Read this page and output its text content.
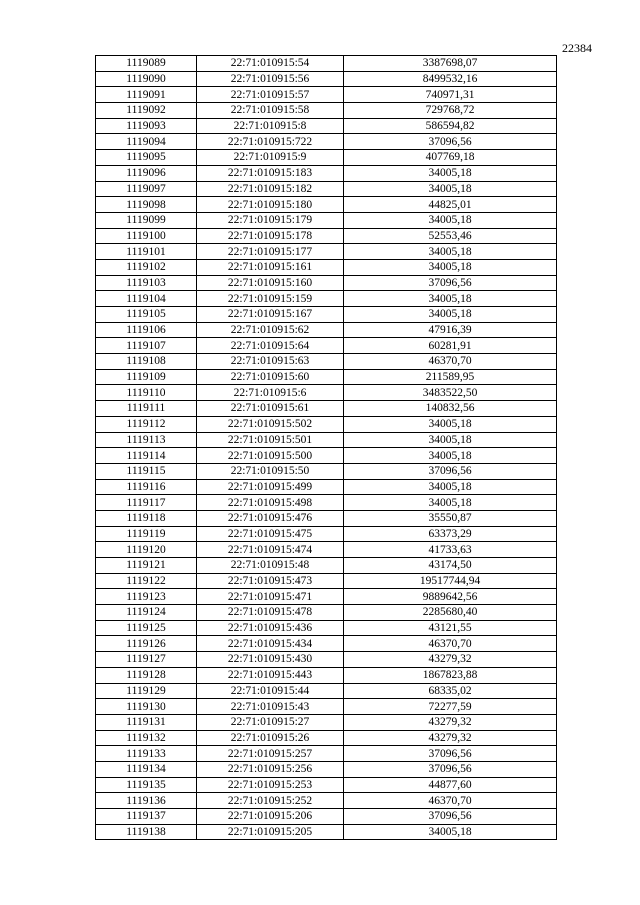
22384
1119089	22:71:010915:54	3387698,07
1119090	22:71:010915:56	8499532,16
1119091	22:71:010915:57	740971,31
1119092	22:71:010915:58	729768,72
1119093	22:71:010915:8	586594,82
1119094	22:71:010915:722	37096,56
1119095	22:71:010915:9	407769,18
1119096	22:71:010915:183	34005,18
1119097	22:71:010915:182	34005,18
1119098	22:71:010915:180	44825,01
1119099	22:71:010915:179	34005,18
1119100	22:71:010915:178	52553,46
1119101	22:71:010915:177	34005,18
1119102	22:71:010915:161	34005,18
1119103	22:71:010915:160	37096,56
1119104	22:71:010915:159	34005,18
1119105	22:71:010915:167	34005,18
1119106	22:71:010915:62	47916,39
1119107	22:71:010915:64	60281,91
1119108	22:71:010915:63	46370,70
1119109	22:71:010915:60	211589,95
1119110	22:71:010915:6	3483522,50
1119111	22:71:010915:61	140832,56
1119112	22:71:010915:502	34005,18
1119113	22:71:010915:501	34005,18
1119114	22:71:010915:500	34005,18
1119115	22:71:010915:50	37096,56
1119116	22:71:010915:499	34005,18
1119117	22:71:010915:498	34005,18
1119118	22:71:010915:476	35550,87
1119119	22:71:010915:475	63373,29
1119120	22:71:010915:474	41733,63
1119121	22:71:010915:48	43174,50
1119122	22:71:010915:473	19517744,94
1119123	22:71:010915:471	9889642,56
1119124	22:71:010915:478	2285680,40
1119125	22:71:010915:436	43121,55
1119126	22:71:010915:434	46370,70
1119127	22:71:010915:430	43279,32
1119128	22:71:010915:443	1867823,88
1119129	22:71:010915:44	68335,02
1119130	22:71:010915:43	72277,59
1119131	22:71:010915:27	43279,32
1119132	22:71:010915:26	43279,32
1119133	22:71:010915:257	37096,56
1119134	22:71:010915:256	37096,56
1119135	22:71:010915:253	44877,60
1119136	22:71:010915:252	46370,70
1119137	22:71:010915:206	37096,56
1119138	22:71:010915:205	34005,18
